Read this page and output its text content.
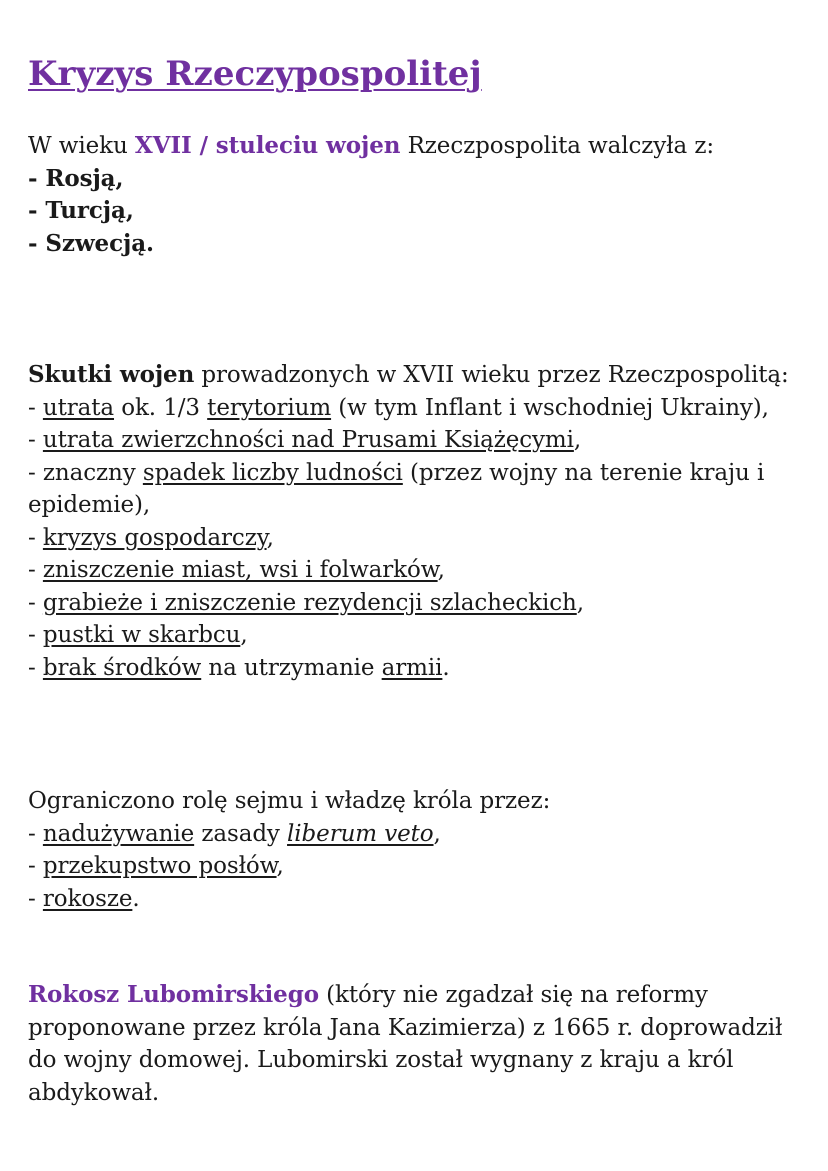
Kryzys Rzeczypospolitej
W wieku XVII / stuleciu wojen Rzeczpospolita walczyła z:
- Rosją,
- Turcją,
- Szwecją.
Skutki wojen prowadzonych w XVII wieku przez Rzeczpospolitą:
- utrata ok. 1/3 terytorium (w tym Inflant i wschodniej Ukrainy),
- utrata zwierzchności nad Prusami Książęcymi,
- znaczny spadek liczby ludności (przez wojny na terenie kraju i epidemie),
- kryzys gospodarczy,
- zniszczenie miast, wsi i folwarków,
- grabieże i zniszczenie rezydencji szlacheckich,
- pustki w skarbcu,
- brak środków na utrzymanie armii.
Ograniczono rolę sejmu i władzę króla przez:
- nadużywanie zasady liberum veto,
- przekupstwo posłów,
- rokosze.
Rokosz Lubomirskiego (który nie zgadzał się na reformy proponowane przez króla Jana Kazimierza) z 1665 r. doprowadził do wojny domowej. Lubomirski został wygnany z kraju a król abdykował.
